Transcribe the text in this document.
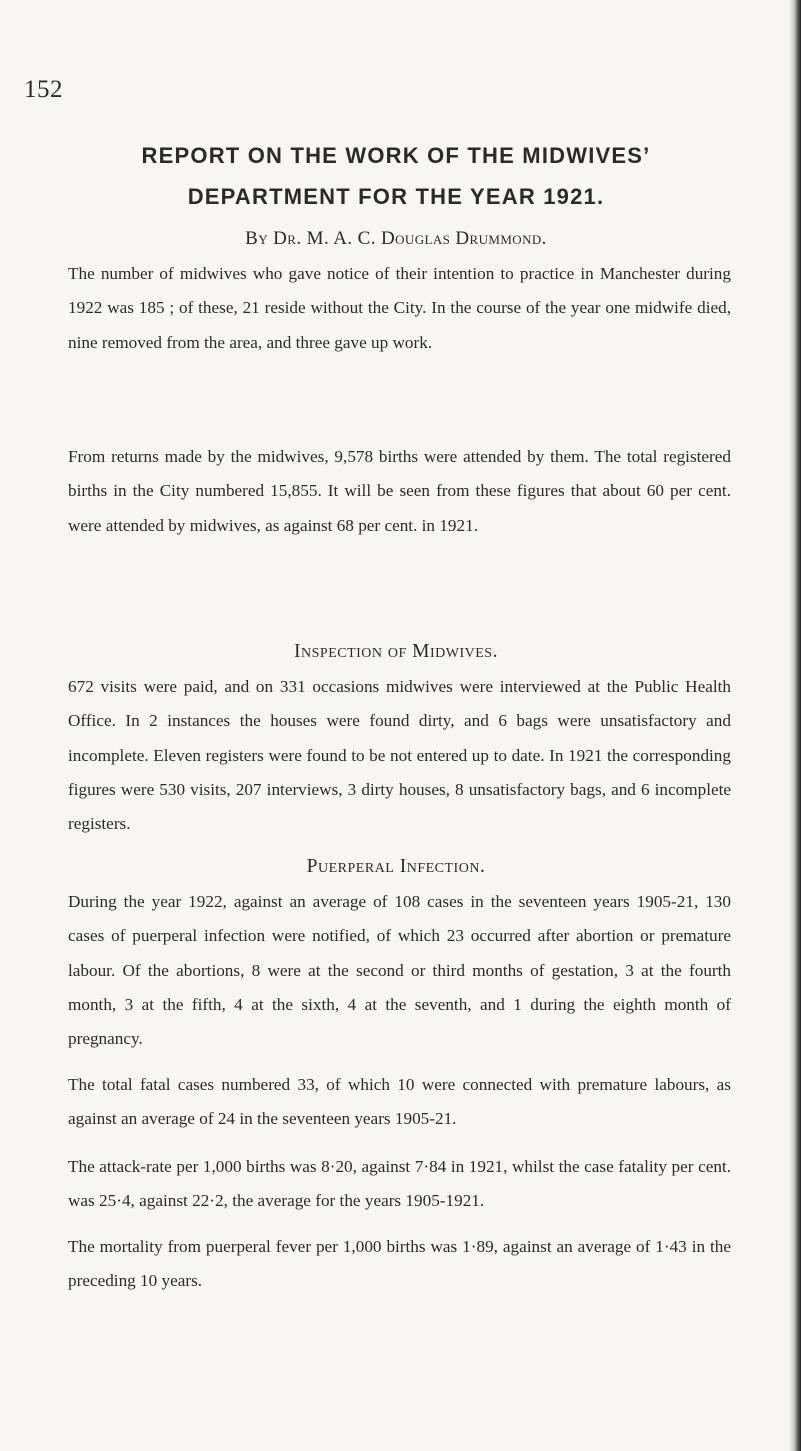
152
REPORT ON THE WORK OF THE MIDWIVES’
DEPARTMENT FOR THE YEAR 1921.
By Dr. M. A. C. Douglas Drummond.

The number of midwives who gave notice of their intention to practice in Manchester during 1922 was 185 ; of these, 21 reside without the City. In the course of the year one midwife died, nine removed from the area, and three gave up work.

From returns made by the midwives, 9,578 births were attended by them. The total registered births in the City numbered 15,855. It will be seen from these figures that about 60 per cent. were attended by midwives, as against 68 per cent. in 1921.

Inspection of Midwives.

672 visits were paid, and on 331 occasions midwives were interviewed at the Public Health Office. In 2 instances the houses were found dirty, and 6 bags were unsatisfactory and incomplete. Eleven registers were found to be not entered up to date. In 1921 the corresponding figures were 530 visits, 207 interviews, 3 dirty houses, 8 unsatisfactory bags, and 6 incomplete registers.

Puerperal Infection.

During the year 1922, against an average of 108 cases in the seventeen years 1905-21, 130 cases of puerperal infection were notified, of which 23 occurred after abortion or premature labour. Of the abortions, 8 were at the second or third months of gestation, 3 at the fourth month, 3 at the fifth, 4 at the sixth, 4 at the seventh, and 1 during the eighth month of pregnancy.

The total fatal cases numbered 33, of which 10 were connected with premature labours, as against an average of 24 in the seventeen years 1905-21.

The attack-rate per 1,000 births was 8·20, against 7·84 in 1921, whilst the case fatality per cent. was 25·4, against 22·2, the average for the years 1905-1921.

The mortality from puerperal fever per 1,000 births was 1·89, against an average of 1·43 in the preceding 10 years.
